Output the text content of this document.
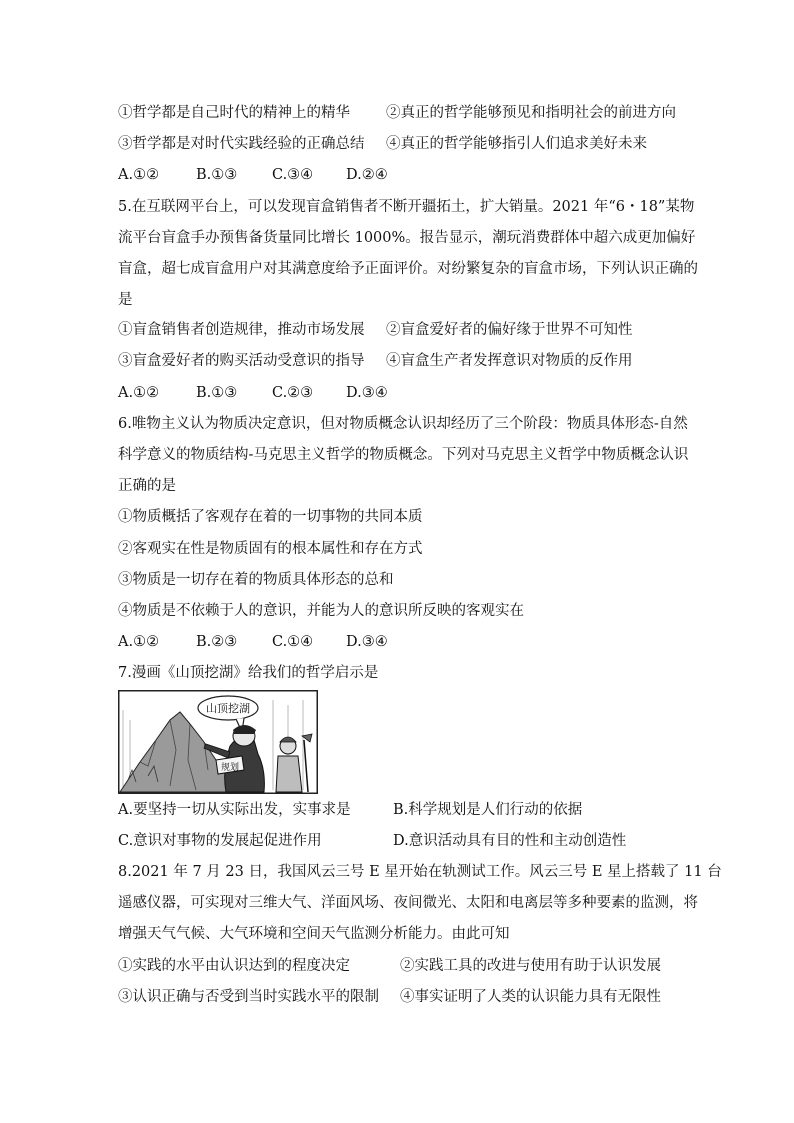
①哲学都是自己时代的精神上的精华 ②真正的哲学能够预见和指明社会的前进方向
③哲学都是对时代实践经验的正确总结 ④真正的哲学能够指引人们追求美好未来
A.①②	B.①③ C.③④ D.②④
5.在互联网平台上，可以发现盲盒销售者不断开疆拓土，扩大销量。2021 年“6・18”某物
流平台盲盒手办预售备货量同比增长 1000%。报告显示，潮玩消费群体中超六成更加偏好
盲盒，超七成盲盒用户对其满意度给予正面评价。对纷繁复杂的盲盒市场，下列认识正确的
是
①盲盒销售者创造规律，推动市场发展 ②盲盒爱好者的偏好缘于世界不可知性
③盲盒爱好者的购买活动受意识的指导 ④盲盒生产者发挥意识对物质的反作用
A.①②	B.①③ C.②③ D.③④
6.唯物主义认为物质决定意识，但对物质概念认识却经历了三个阶段：物质具体形态-自然
科学意义的物质结构-马克思主义哲学的物质概念。下列对马克思主义哲学中物质概念认识
正确的是
①物质概括了客观存在着的一切事物的共同本质
②客观实在性是物质固有的根本属性和存在方式
③物质是一切存在着的物质具体形态的总和
④物质是不依赖于人的意识，并能为人的意识所反映的客观实在
A.①②	B.②③ C.①④ D.③④
7.漫画《山顶挖湖》给我们的哲学启示是
山顶挖湖
规划
A.要坚持一切从实际出发，实事求是	B.科学规划是人们行动的依据
C.意识对事物的发展起促进作用	D.意识活动具有目的性和主动创造性
8.2021 年 7 月 23 日，我国风云三号 E 星开始在轨测试工作。风云三号 E 星上搭载了 11 台
遥感仪器，可实现对三维大气、洋面风场、夜间微光、太阳和电离层等多种要素的监测，将
增强天气气候、大气环境和空间天气监测分析能力。由此可知
①实践的水平由认识达到的程度决定	②实践工具的改进与使用有助于认识发展
③认识正确与否受到当时实践水平的限制 ④事实证明了人类的认识能力具有无限性
